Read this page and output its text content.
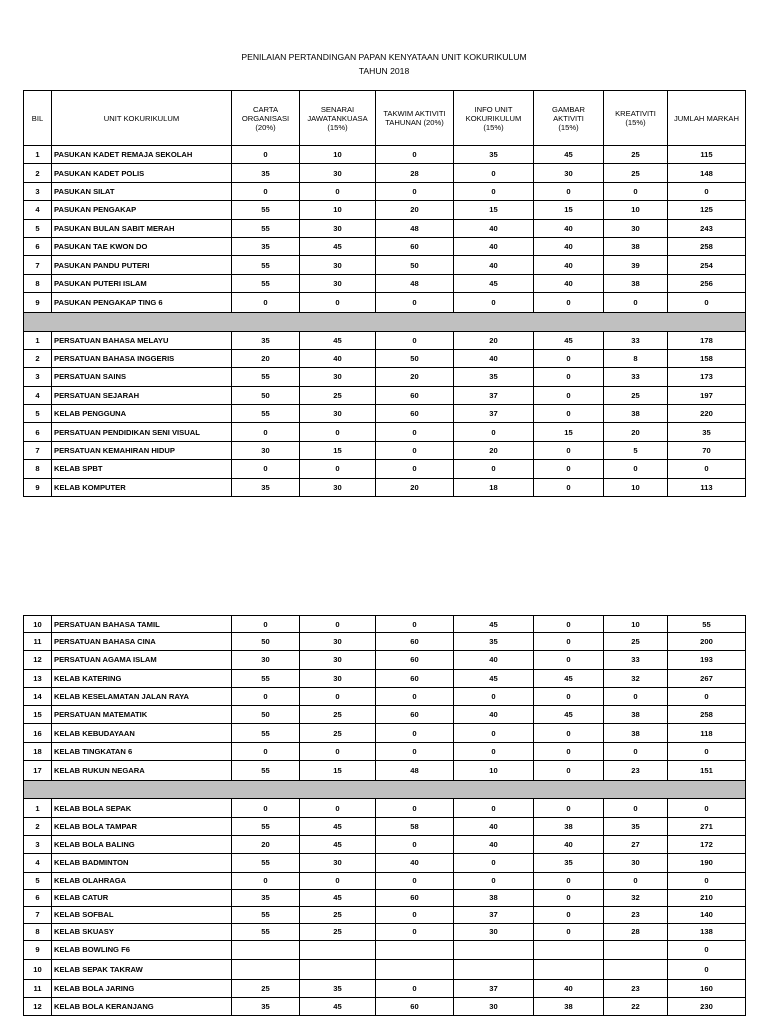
PENILAIAN PERTANDINGAN PAPAN KENYATAAN UNIT KOKURIKULUM
TAHUN 2018
BIL	UNIT KOKURIKULUM	CARTA
ORGANISASI
(20%)	SENARAI
JAWATANKUASA
(15%)	TAKWIM AKTIVITI
TAHUNAN (20%)	INFO UNIT
KOKURIKULUM
(15%)	GAMBAR
AKTIVITI
(15%)	KREATIVITI
(15%)	JUMLAH MARKAH

1	PASUKAN KADET REMAJA SEKOLAH	0	10	0	35	45	25	115
2	PASUKAN KADET POLIS	35	30	28	0	30	25	148
3	PASUKAN SILAT	0	0	0	0	0	0	0
4	PASUKAN PENGAKAP	55	10	20	15	15	10	125
5	PASUKAN BULAN SABIT MERAH	55	30	48	40	40	30	243
6	PASUKAN TAE KWON DO	35	45	60	40	40	38	258
7	PASUKAN PANDU PUTERI	55	30	50	40	40	39	254
8	PASUKAN PUTERI ISLAM	55	30	48	45	40	38	256
9	PASUKAN PENGAKAP TING 6	0	0	0	0	0	0	0

1	PERSATUAN BAHASA MELAYU	35	45	0	20	45	33	178
2	PERSATUAN BAHASA INGGERIS	20	40	50	40	0	8	158
3	PERSATUAN SAINS	55	30	20	35	0	33	173
4	PERSATUAN SEJARAH	50	25	60	37	0	25	197
5	KELAB PENGGUNA	55	30	60	37	0	38	220
6	PERSATUAN PENDIDIKAN SENI VISUAL	0	0	0	0	15	20	35
7	PERSATUAN KEMAHIRAN HIDUP	30	15	0	20	0	5	70
8	KELAB SPBT	0	0	0	0	0	0	0
9	KELAB KOMPUTER	35	30	20	18	0	10	113
10	PERSATUAN BAHASA TAMIL	0	0	0	45	0	10	55
11	PERSATUAN BAHASA CINA	50	30	60	35	0	25	200
12	PERSATUAN AGAMA ISLAM	30	30	60	40	0	33	193
13	KELAB KATERING	55	30	60	45	45	32	267
14	KELAB KESELAMATAN JALAN RAYA	0	0	0	0	0	0	0
15	PERSATUAN MATEMATIK	50	25	60	40	45	38	258
16	KELAB KEBUDAYAAN	55	25	0	0	0	38	118
18	KELAB TINGKATAN 6	0	0	0	0	0	0	0
17	KELAB RUKUN NEGARA	55	15	48	10	0	23	151

1	KELAB BOLA SEPAK	0	0	0	0	0	0	0
2	KELAB BOLA TAMPAR	55	45	58	40	38	35	271
3	KELAB BOLA BALING	20	45	0	40	40	27	172
4	KELAB BADMINTON	55	30	40	0	35	30	190
5	KELAB OLAHRAGA	0	0	0	0	0	0	0
6	KELAB CATUR	35	45	60	38	0	32	210
7	KELAB SOFBAL	55	25	0	37	0	23	140
8	KELAB SKUASY	55	25	0	30	0	28	138
9	KELAB BOWLING F6							0
10	KELAB SEPAK TAKRAW							0
11	KELAB BOLA JARING	25	35	0	37	40	23	160
12	KELAB BOLA KERANJANG	35	45	60	30	38	22	230
